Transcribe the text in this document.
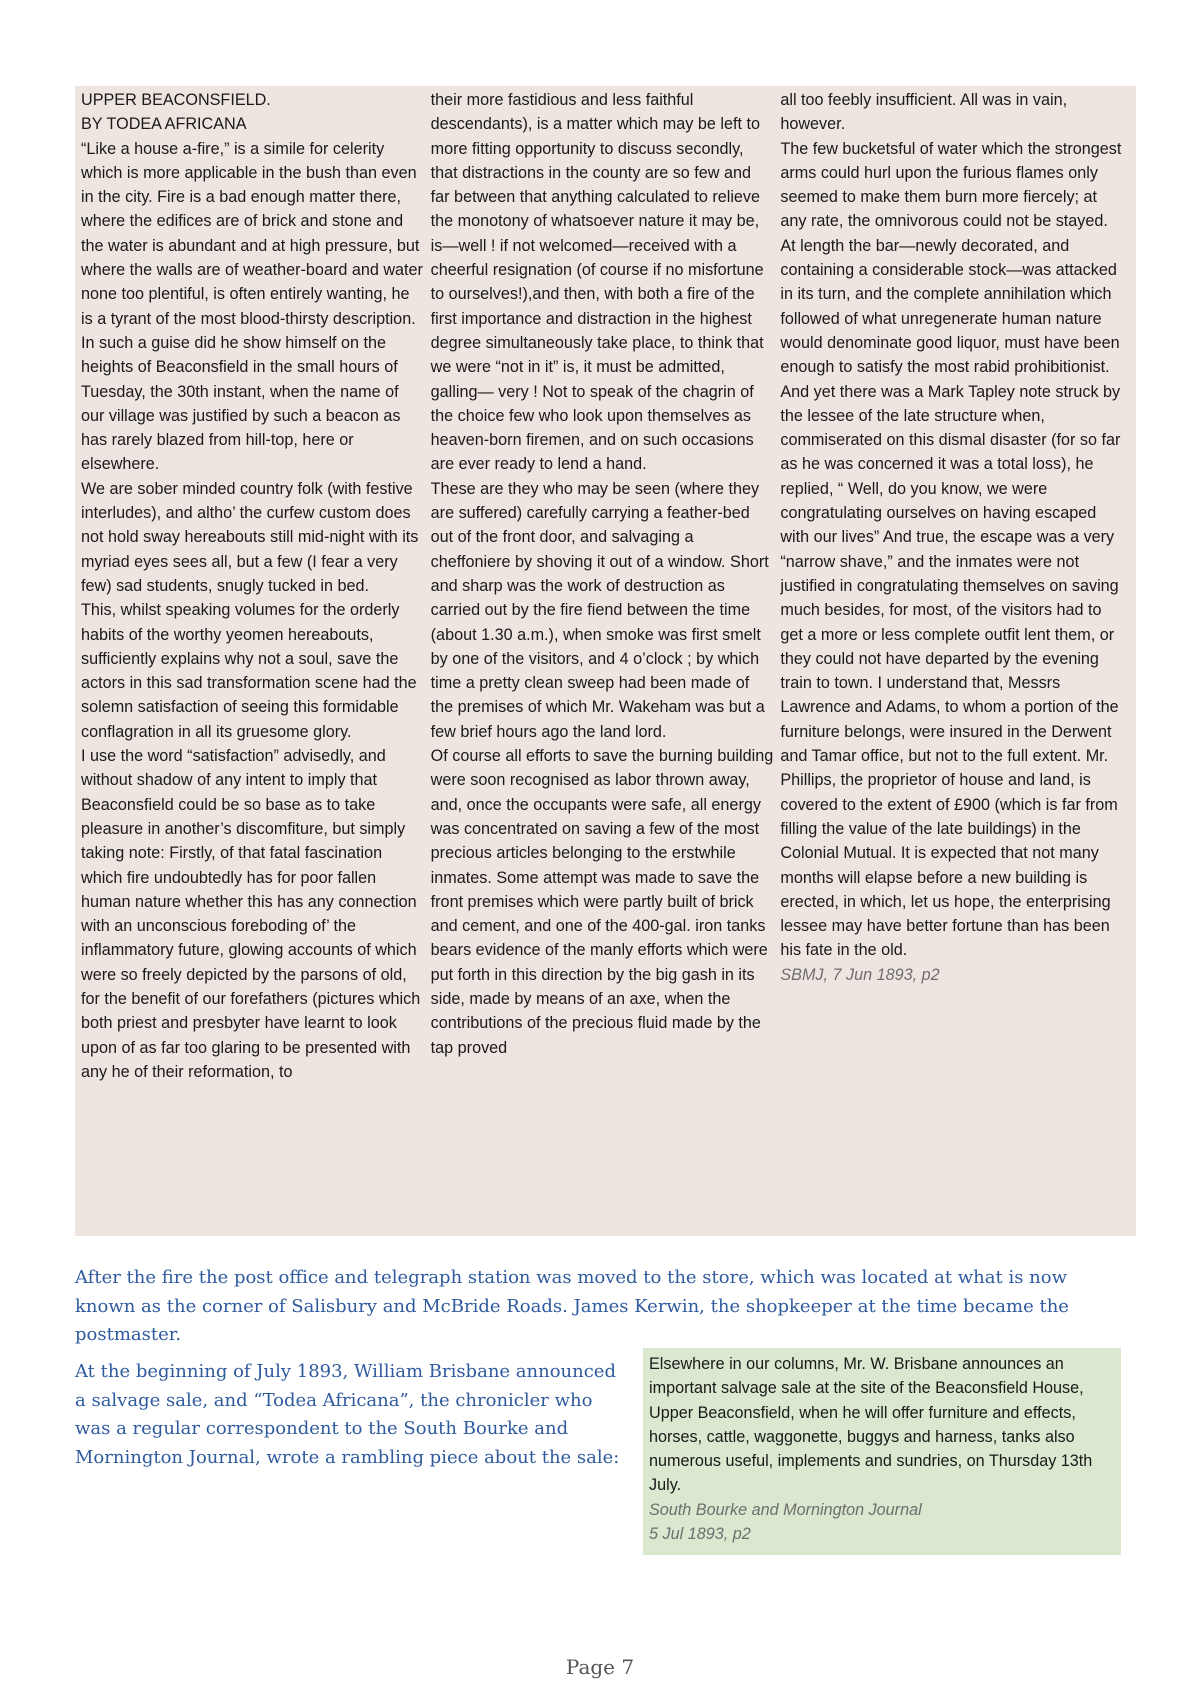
UPPER BEACONSFIELD.

BY TODEA AFRICANA

“Like a house a-fire,” is a simile for celerity which is more applicable in the bush than even in the city. Fire is a bad enough matter there, where the edifices are of brick and stone and the water is abundant and at high pressure, but where the walls are of weather-board and water none too plentiful, is often entirely wanting, he is a tyrant of the most blood-thirsty description.

In such a guise did he show himself on the heights of Beaconsfield in the small hours of Tuesday, the 30th instant, when the name of our village was justified by such a beacon as has rarely blazed from hill-top, here or elsewhere.

We are sober minded country folk (with festive interludes), and altho’ the curfew custom does not hold sway hereabouts still mid-night with its myriad eyes sees all, but a few (I fear a very few) sad students, snugly tucked in bed.

This, whilst speaking volumes for the orderly habits of the worthy yeomen hereabouts, sufficiently explains why not a soul, save the actors in this sad transformation scene had the solemn satisfaction of seeing this formidable conflagration in all its gruesome glory.

I use the word “satisfaction” advisedly, and without shadow of any intent to imply that Beaconsfield could be so base as to take pleasure in another’s discomfiture, but simply taking note: Firstly, of that fatal fascination which fire undoubtedly has for poor fallen human nature whether this has any connection with an unconscious foreboding of’ the inflammatory future, glowing accounts of which were so freely depicted by the parsons of old, for the benefit of our forefathers (pictures which both priest and presbyter have learnt to look upon of as far too glaring to be presented with any he of their reformation, to

their more fastidious and less faithful descendants), is a matter which may be left to more fitting opportunity to discuss secondly, that distractions in the county are so few and far between that anything calculated to relieve the monotony of whatsoever nature it may be, is—well ! if not welcomed—received with a cheerful resignation (of course if no misfortune to ourselves!),and then, with both a fire of the first importance and distraction in the highest degree simultaneously take place, to think that we were “not in it” is, it must be admitted, galling— very ! Not to speak of the chagrin of the choice few who look upon themselves as heaven-born firemen, and on such occasions are ever ready to lend a hand.

These are they who may be seen (where they are suffered) carefully carrying a feather-bed out of the front door, and salvaging a cheffoniere by shoving it out of a window. Short and sharp was the work of destruction as carried out by the fire fiend between the time (about 1.30 a.m.), when smoke was first smelt by one of the visitors, and 4 o’clock ; by which time a pretty clean sweep had been made of the premises of which Mr. Wakeham was but a few brief hours ago the land lord.

Of course all efforts to save the burning building were soon recognised as labor thrown away, and, once the occupants were safe, all energy was concentrated on saving a few of the most precious articles belonging to the erstwhile inmates. Some attempt was made to save the front premises which were partly built of brick and cement, and one of the 400-gal. iron tanks bears evidence of the manly efforts which were put forth in this direction by the big gash in its side, made by means of an axe, when the contributions of the precious fluid made by the tap proved

all too feebly insufficient. All was in vain, however.

The few bucketsful of water which the strongest arms could hurl upon the furious flames only seemed to make them burn more fiercely; at any rate, the omnivorous could not be stayed.

At length the bar—newly decorated, and containing a considerable stock—was attacked in its turn, and the complete annihilation which followed of what unregenerate human nature would denominate good liquor, must have been enough to satisfy the most rabid prohibitionist.

And yet there was a Mark Tapley note struck by the lessee of the late structure when, commiserated on this dismal disaster (for so far as he was concerned it was a total loss), he replied, “ Well, do you know, we were congratulating ourselves on having escaped with our lives” And true, the escape was a very “narrow shave,” and the inmates were not justified in congratulating themselves on saving much besides, for most, of the visitors had to get a more or less complete outfit lent them, or they could not have departed by the evening train to town. I understand that, Messrs Lawrence and Adams, to whom a portion of the furniture belongs, were insured in the Derwent and Tamar office, but not to the full extent. Mr. Phillips, the proprietor of house and land, is covered to the extent of £900 (which is far from filling the value of the late buildings) in the Colonial Mutual. It is expected that not many months will elapse before a new building is erected, in which, let us hope, the enterprising lessee may have better fortune than has been his fate in the old.

SBMJ, 7 Jun 1893, p2

After the fire the post office and telegraph station was moved to the store, which was located at what is now known as the corner of Salisbury and McBride Roads. James Kerwin, the shopkeeper at the time became the postmaster.

At the beginning of July 1893, William Brisbane announced a salvage sale, and “Todea Africana”, the chronicler who was a regular correspondent to the South Bourke and Mornington Journal, wrote a rambling piece about the sale:

Elsewhere in our columns, Mr. W. Brisbane announces an important salvage sale at the site of the Beaconsfield House, Upper Beaconsfield, when he will offer furniture and effects, horses, cattle, waggonette, buggys and harness, tanks also numerous useful, implements and sundries, on Thursday 13th July.

South Bourke and Mornington Journal

5 Jul 1893, p2

Page 7
